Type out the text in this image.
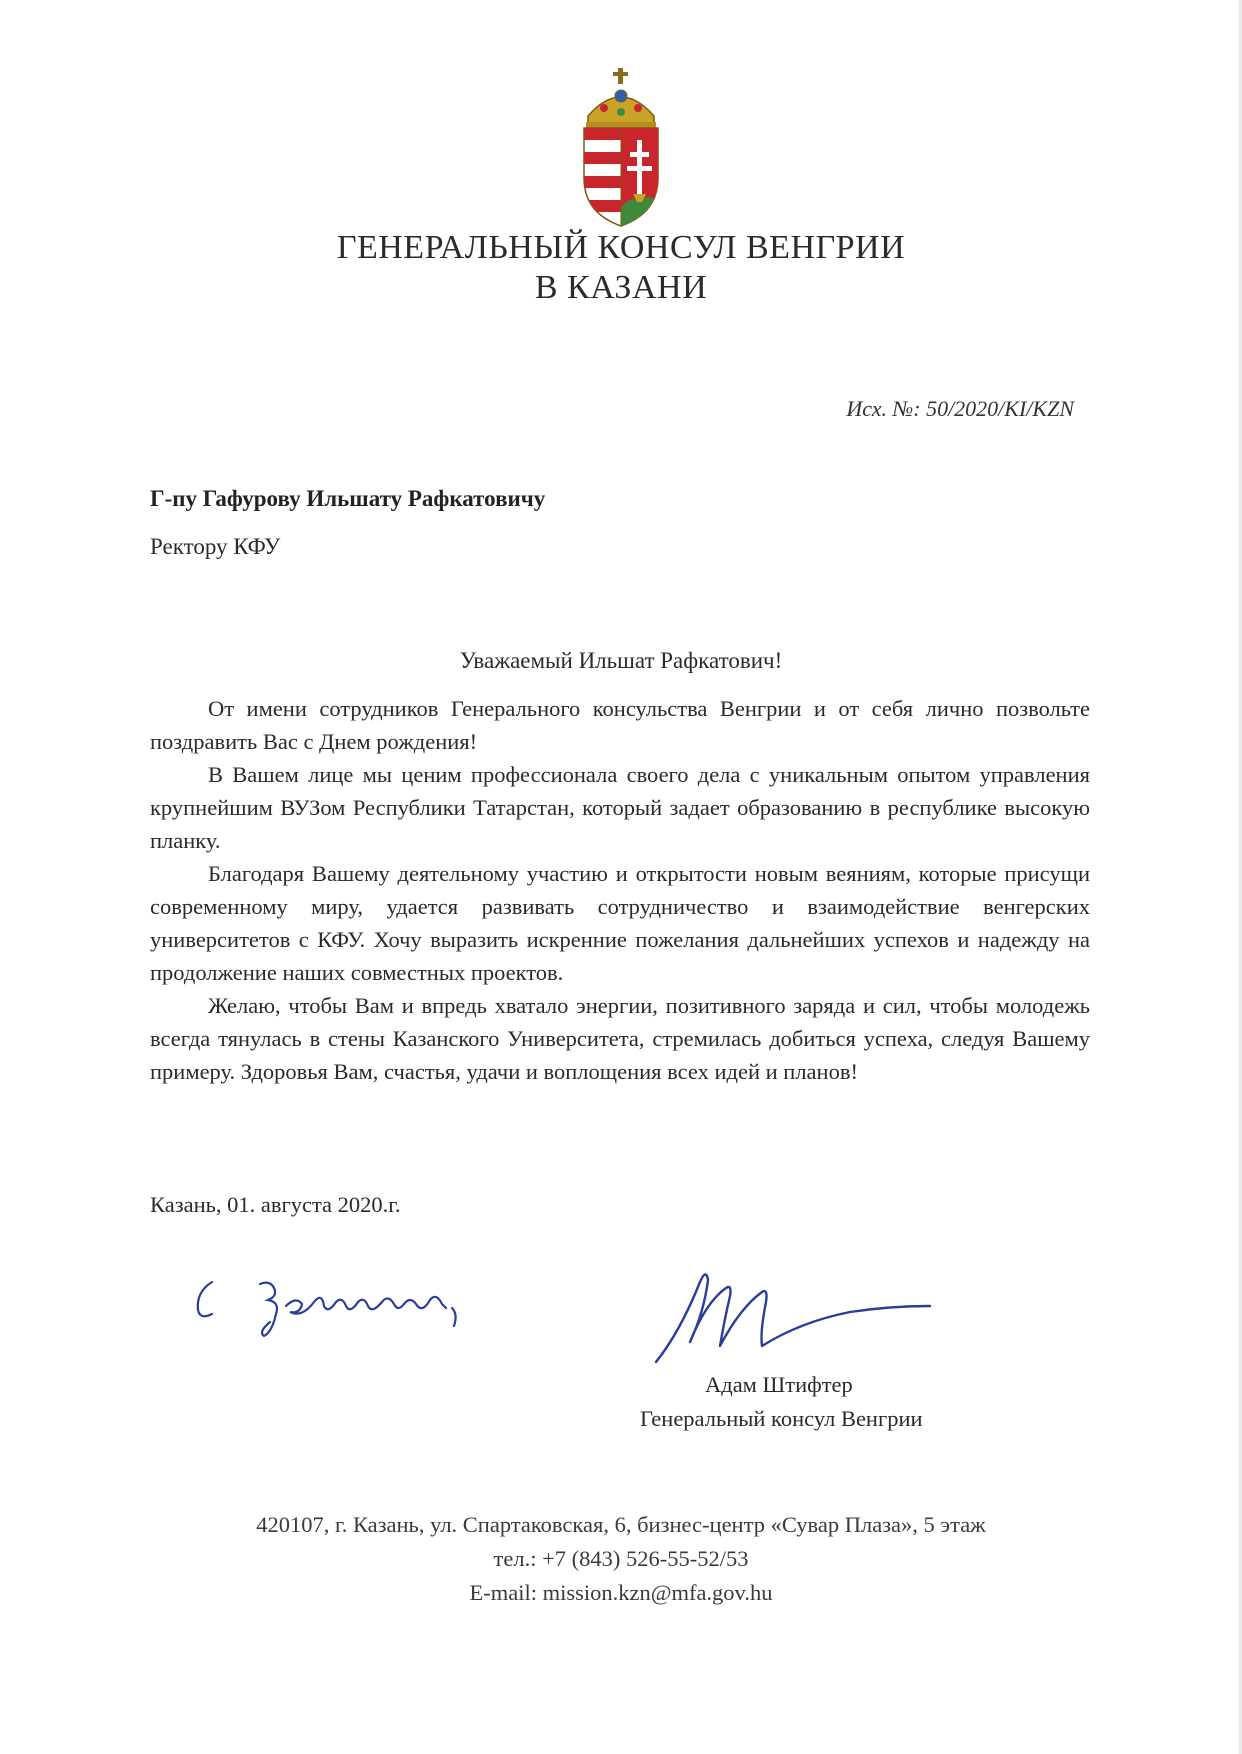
ГЕНЕРАЛЬНЫЙ КОНСУЛ ВЕНГРИИ
В КАЗАНИ
Исх. №: 50/2020/KI/KZN
Г-пу Гафурову Ильшату Рафкатовичу
Ректору КФУ
Уважаемый Ильшат Рафкатович!

От имени сотрудников Генерального консульства Венгрии и от себя лично позвольте поздравить Вас с Днем рождения!

В Вашем лице мы ценим профессионала своего дела с уникальным опытом управления крупнейшим ВУЗом Республики Татарстан, который задает образованию в республике высокую планку.

Благодаря Вашему деятельному участию и открытости новым веяниям, которые присущи современному миру, удается развивать сотрудничество и взаимодействие венгерских университетов с КФУ. Хочу выразить искренние пожелания дальнейших успехов и надежду на продолжение наших совместных проектов.

Желаю, чтобы Вам и впредь хватало энергии, позитивного заряда и сил, чтобы молодежь всегда тянулась в стены Казанского Университета, стремилась добиться успеха, следуя Вашему примеру. Здоровья Вам, счастья, удачи и воплощения всех идей и планов!

Казань, 01. августа 2020.г.
Адам Штифтер
Генеральный консул Венгрии
420107, г. Казань, ул. Спартаковская, 6, бизнес-центр «Сувар Плаза», 5 этаж
тел.: +7 (843) 526-55-52/53
E-mail: mission.kzn@mfa.gov.hu
